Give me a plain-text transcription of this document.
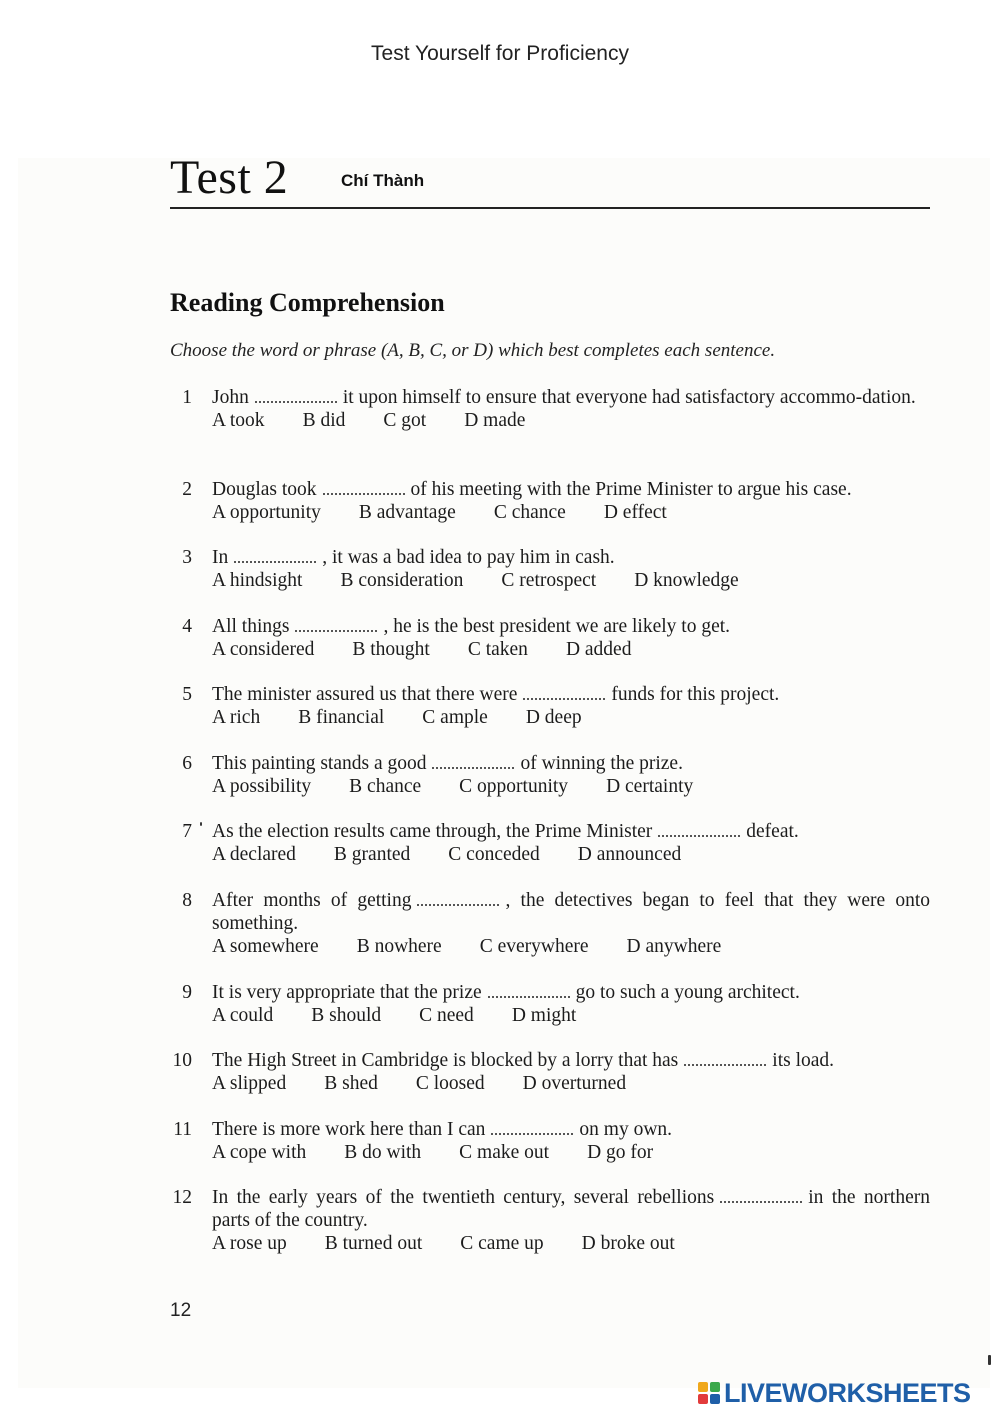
Test Yourself for Proficiency
Test 2	Chí Thành
Reading Comprehension
Choose the word or phrase (A, B, C, or D) which best completes each sentence.
1 John	it upon himself to ensure that everyone had satisfactory accommo-dation.
A took B did C got D made
2 Douglas took	of his meeting with the Prime Minister to argue his case.
A opportunity B advantage C chance D effect
3 In	, it was a bad idea to pay him in cash.
A hindsight B consideration C retrospect D knowledge
4 All things	, he is the best president we are likely to get.
A considered B thought C taken D added
5 The minister assured us that there were	funds for this project.
A rich B financial C ample D deep
6 This painting stands a good	of winning the prize.
A possibility B chance C opportunity D certainty
7 As the election results came through, the Prime Minister	defeat.
A declared B granted C conceded D announced
8 After months of getting	, the detectives began to feel that they were onto something.
A somewhere B nowhere C everywhere D anywhere
9 It is very appropriate that the prize	go to such a young architect.
A could B should C need D might
10 The High Street in Cambridge is blocked by a lorry that has	its load.
A slipped B shed C loosed D overturned
11 There is more work here than I can	on my own.
A cope with B do with C make out D go for
12 In the early years of the twentieth century, several rebellions	in the northern parts of the country.
A rose up B turned out C came up D broke out
12
LIVEWORKSHEETS
